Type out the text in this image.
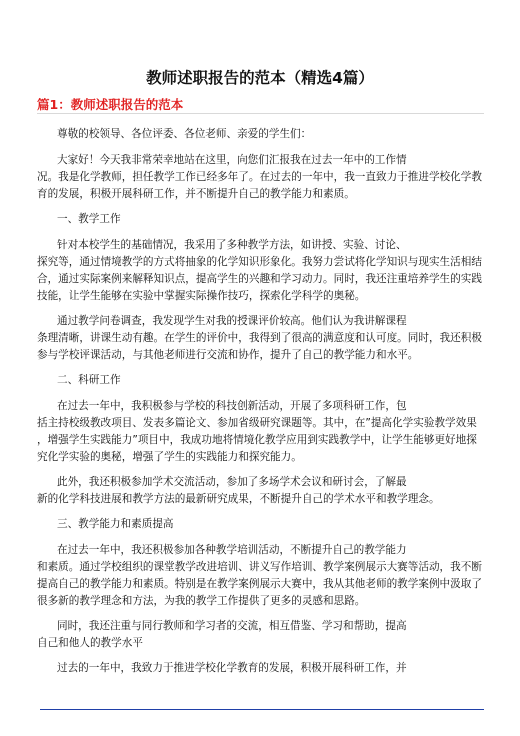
教师述职报告的范本（精选4篇）
篇1：教师述职报告的范本
尊敬的校领导、各位评委、各位老师、亲爱的学生们：
大家好！今天我非常荣幸地站在这里，向您们汇报我在过去一年中的工作情
况。我是化学教师，担任教学工作已经多年了。在过去的一年中，我一直致力于推进学校化学教
育的发展，积极开展科研工作，并不断提升自己的教学能力和素质。
一、教学工作
针对本校学生的基础情况，我采用了多种教学方法，如讲授、实验、讨论、
探究等，通过情境教学的方式将抽象的化学知识形象化。我努力尝试将化学知识与现实生活相结
合，通过实际案例来解释知识点，提高学生的兴趣和学习动力。同时，我还注重培养学生的实践
技能，让学生能够在实验中掌握实际操作技巧，探索化学科学的奥秘。
通过教学问卷调查，我发现学生对我的授课评价较高。他们认为我讲解课程
条理清晰，讲课生动有趣。在学生的评价中，我得到了很高的满意度和认可度。同时，我还积极
参与学校评课活动，与其他老师进行交流和协作，提升了自己的教学能力和水平。
二、科研工作
在过去一年中，我积极参与学校的科技创新活动，开展了多项科研工作，包
括主持校级教改项目、发表多篇论文、参加省级研究课题等。其中，在”提高化学实验教学效果
，增强学生实践能力”项目中，我成功地将情境化教学应用到实践教学中，让学生能够更好地探
究化学实验的奥秘，增强了学生的实践能力和探究能力。
此外，我还积极参加学术交流活动，参加了多场学术会议和研讨会，了解最
新的化学科技进展和教学方法的最新研究成果，不断提升自己的学术水平和教学理念。
三、教学能力和素质提高
在过去一年中，我还积极参加各种教学培训活动，不断提升自己的教学能力
和素质。通过学校组织的课堂教学改进培训、讲义写作培训、教学案例展示大赛等活动，我不断
提高自己的教学能力和素质。特别是在教学案例展示大赛中，我从其他老师的教学案例中汲取了
很多新的教学理念和方法，为我的教学工作提供了更多的灵感和思路。
同时，我还注重与同行教师和学习者的交流，相互借鉴、学习和帮助，提高
自己和他人的教学水平
过去的一年中，我致力于推进学校化学教育的发展，积极开展科研工作，并
